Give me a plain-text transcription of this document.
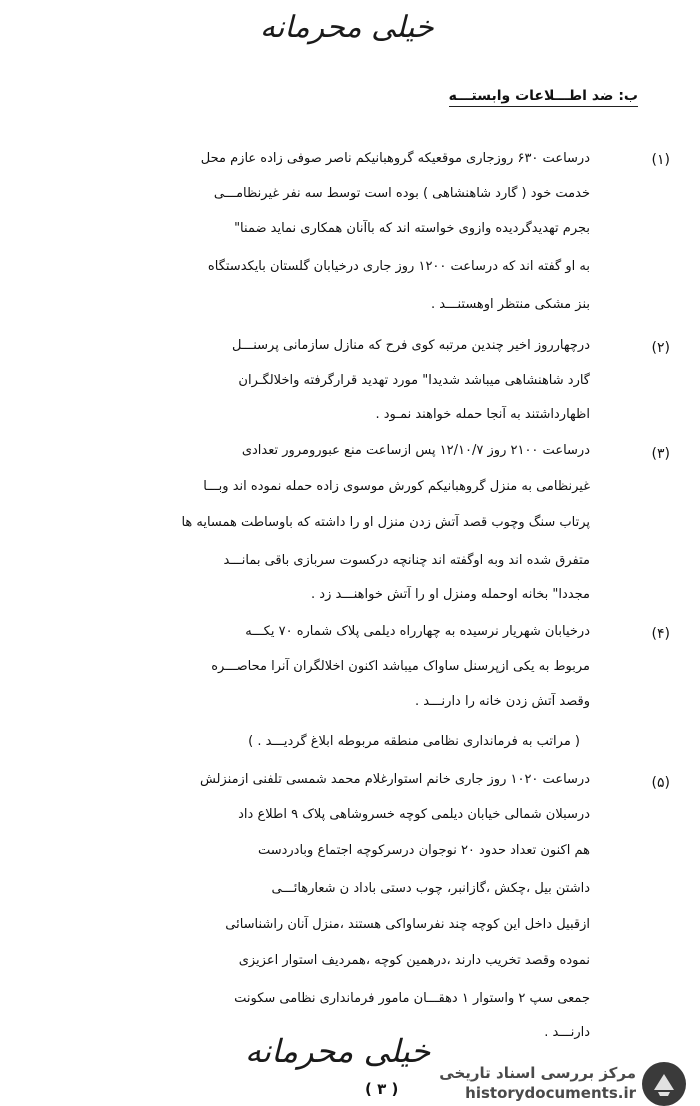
خیلی محرمانه
ب: ضد اطـــلاعات وابستـــه
(۱)
درساعت ۶۳۰ روزجاری موقعیکه گروهبانیکم ناصر صوفی زاده عازم محل
خدمت خود ( گارد شاهنشاهی ) بوده است توسط سه نفر غیرنظامـــی
بجرم تهدیدگردیده وازوی خواسته اند که باآنان همکاری نماید ضمنا"
به او گفته اند که درساعت ۱۲۰۰ روز جاری درخیابان گلستان بایکدستگاه
بنز مشکی منتظر اوهستنـــد .
(۲)
درچهارروز اخیر چندین مرتبه کوی فرح که منازل سازمانی پرسنـــل
گارد شاهنشاهی میباشد شدیدا" مورد تهدید قرارگرفته واخلالگـران
اظهارداشتند به آنجا حمله خواهند نمـود .
(۳)
درساعت ۲۱۰۰ روز ۱۲/۱۰/۷ پس ازساعت منع عبورومرور تعدادی
غیرنظامی به منزل گروهبانیکم کورش موسوی زاده حمله نموده اند وبـــا
پرتاب سنگ وچوب قصد آتش زدن منزل او را داشته که باوساطت همسایه ها
متفرق شده اند وبه اوگفته اند چنانچه درکسوت سربازی باقی بمانـــد
مجددا" بخانه اوحمله ومنزل او را آتش خواهنـــد زد .
(۴)
درخیابان شهریار نرسیده به چهارراه دیلمی پلاک شماره ۷۰ یکـــه
مربوط به یکی ازپرسنل ساواک میباشد اکنون اخلالگران آنرا محاصـــره
وقصد آتش زدن خانه را دارنـــد .
( مراتب به فرمانداری نظامی منطقه مربوطه ابلاغ گردیـــد . )
(۵)
درساعت ۱۰۲۰ روز جاری خانم استوارغلام محمد شمسی تلفنی ازمنزلش
درسبلان شمالی خیابان دیلمی کوچه خسروشاهی پلاک ۹ اطلاع داد
هم اکنون تعداد حدود ۲۰ نوجوان درسرکوچه اجتماع وبادردست
داشتن بیل ،چکش ،گازانبر، چوب دستی باداد ن شعارهائـــی
ازقبیل داخل این کوچه چند نفرساواکی هستند ،منزل آنان راشناسائی
نموده وقصد تخریب دارند ،درهمین کوچه ،همردیف استوار اعزیزی
جمعی سپ ۲ واستوار ۱ دهقـــان مامور فرمانداری نظامی سکونت
دارنـــد .
خیلی محرمانه
( ۳ )
مرکز بررسی اسناد تاریخی
historydocuments.ir
